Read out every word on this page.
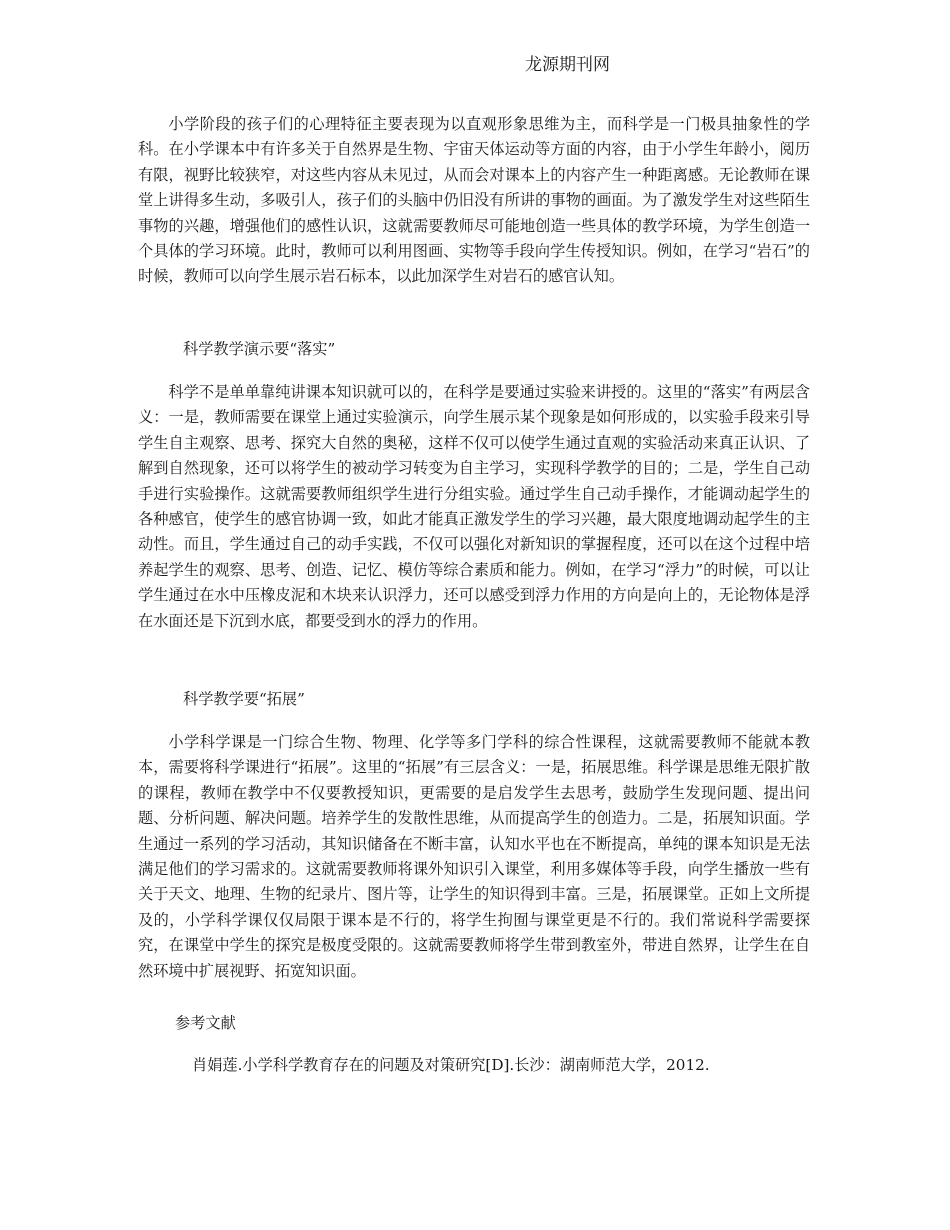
龙源期刊网

小学阶段的孩子们的心理特征主要表现为以直观形象思维为主，而科学是一门极具抽象性的学科。在小学课本中有许多关于自然界是生物、宇宙天体运动等方面的内容，由于小学生年龄小，阅历有限，视野比较狭窄，对这些内容从未见过，从而会对课本上的内容产生一种距离感。无论教师在课堂上讲得多生动，多吸引人，孩子们的头脑中仍旧没有所讲的事物的画面。为了激发学生对这些陌生事物的兴趣，增强他们的感性认识，这就需要教师尽可能地创造一些具体的教学环境，为学生创造一个具体的学习环境。此时，教师可以利用图画、实物等手段向学生传授知识。例如，在学习“岩石”的时候，教师可以向学生展示岩石标本，以此加深学生对岩石的感官认知。

科学教学演示要“落实”

科学不是单单靠纯讲课本知识就可以的，在科学是要通过实验来讲授的。这里的“落实”有两层含义：一是，教师需要在课堂上通过实验演示，向学生展示某个现象是如何形成的，以实验手段来引导学生自主观察、思考、探究大自然的奥秘，这样不仅可以使学生通过直观的实验活动来真正认识、了解到自然现象，还可以将学生的被动学习转变为自主学习，实现科学教学的目的；二是，学生自己动手进行实验操作。这就需要教师组织学生进行分组实验。通过学生自己动手操作，才能调动起学生的各种感官，使学生的感官协调一致，如此才能真正激发学生的学习兴趣，最大限度地调动起学生的主动性。而且，学生通过自己的动手实践，不仅可以强化对新知识的掌握程度，还可以在这个过程中培养起学生的观察、思考、创造、记忆、模仿等综合素质和能力。例如，在学习“浮力”的时候，可以让学生通过在水中压橡皮泥和木块来认识浮力，还可以感受到浮力作用的方向是向上的，无论物体是浮在水面还是下沉到水底，都要受到水的浮力的作用。

科学教学要“拓展”

小学科学课是一门综合生物、物理、化学等多门学科的综合性课程，这就需要教师不能就本教本，需要将科学课进行“拓展”。这里的“拓展”有三层含义：一是，拓展思维。科学课是思维无限扩散的课程，教师在教学中不仅要教授知识，更需要的是启发学生去思考，鼓励学生发现问题、提出问题、分析问题、解决问题。培养学生的发散性思维，从而提高学生的创造力。二是，拓展知识面。学生通过一系列的学习活动，其知识储备在不断丰富，认知水平也在不断提高，单纯的课本知识是无法满足他们的学习需求的。这就需要教师将课外知识引入课堂，利用多媒体等手段，向学生播放一些有关于天文、地理、生物的纪录片、图片等，让学生的知识得到丰富。三是，拓展课堂。正如上文所提及的，小学科学课仅仅局限于课本是不行的，将学生拘囿与课堂更是不行的。我们常说科学需要探究，在课堂中学生的探究是极度受限的。这就需要教师将学生带到教室外，带进自然界，让学生在自然环境中扩展视野、拓宽知识面。

参考文献
肖娟莲.小学科学教育存在的问题及对策研究[D].长沙：湖南师范大学，2012.
